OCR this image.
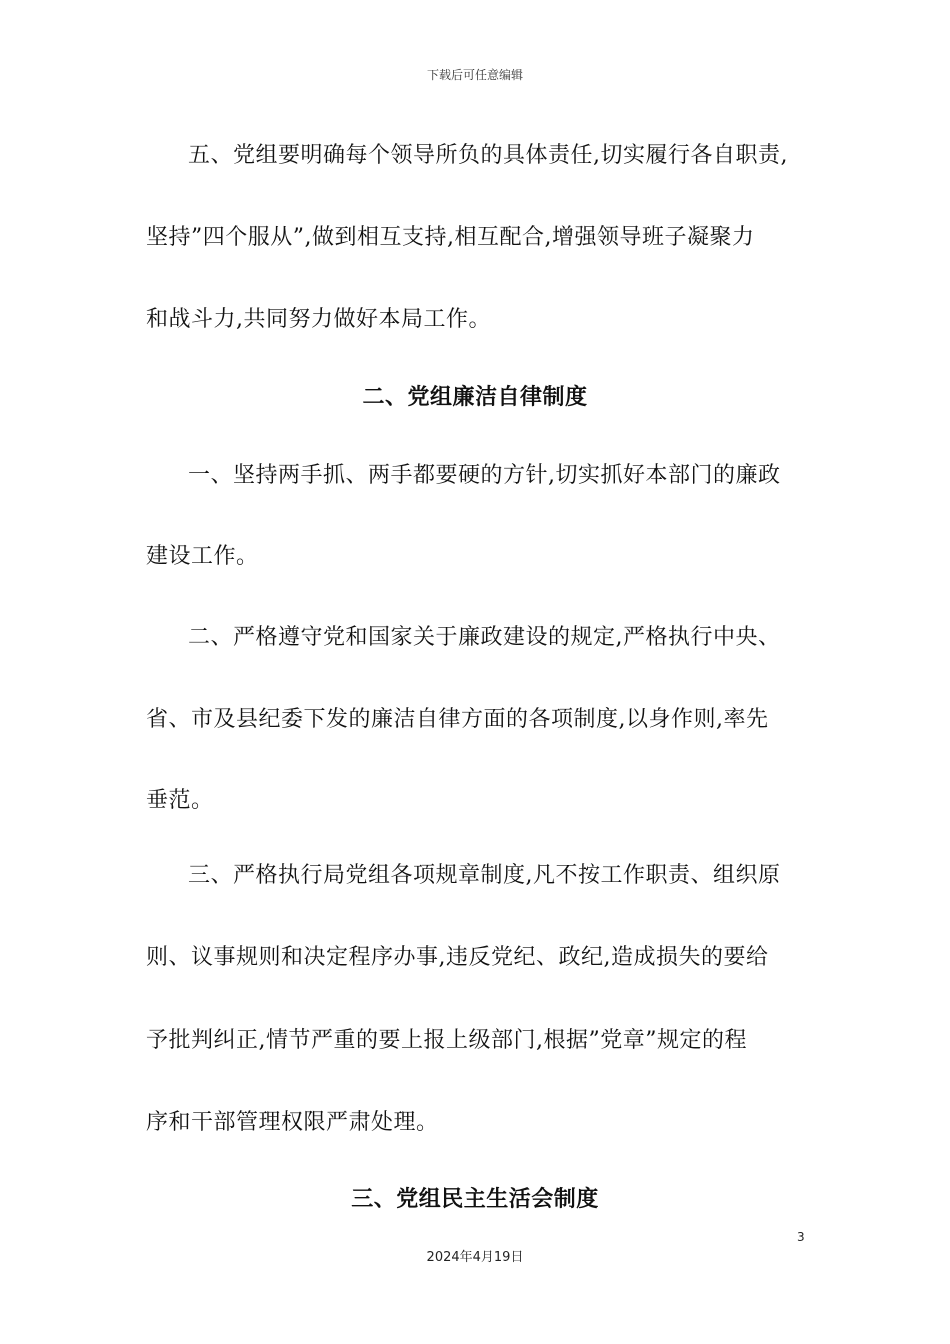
下载后可任意编辑
五、党组要明确每个领导所负的具体责任,切实履行各自职责,
坚持”四个服从”,做到相互支持,相互配合,增强领导班子凝聚力
和战斗力,共同努力做好本局工作。
二、党组廉洁自律制度
一、坚持两手抓、两手都要硬的方针,切实抓好本部门的廉政
建设工作。
二、严格遵守党和国家关于廉政建设的规定,严格执行中央、
省、市及县纪委下发的廉洁自律方面的各项制度,以身作则,率先
垂范。
三、严格执行局党组各项规章制度,凡不按工作职责、组织原
则、议事规则和决定程序办事,违反党纪、政纪,造成损失的要给
予批判纠正,情节严重的要上报上级部门,根据”党章”规定的程
序和干部管理权限严肃处理。
三、党组民主生活会制度
3
2024年4月19日
